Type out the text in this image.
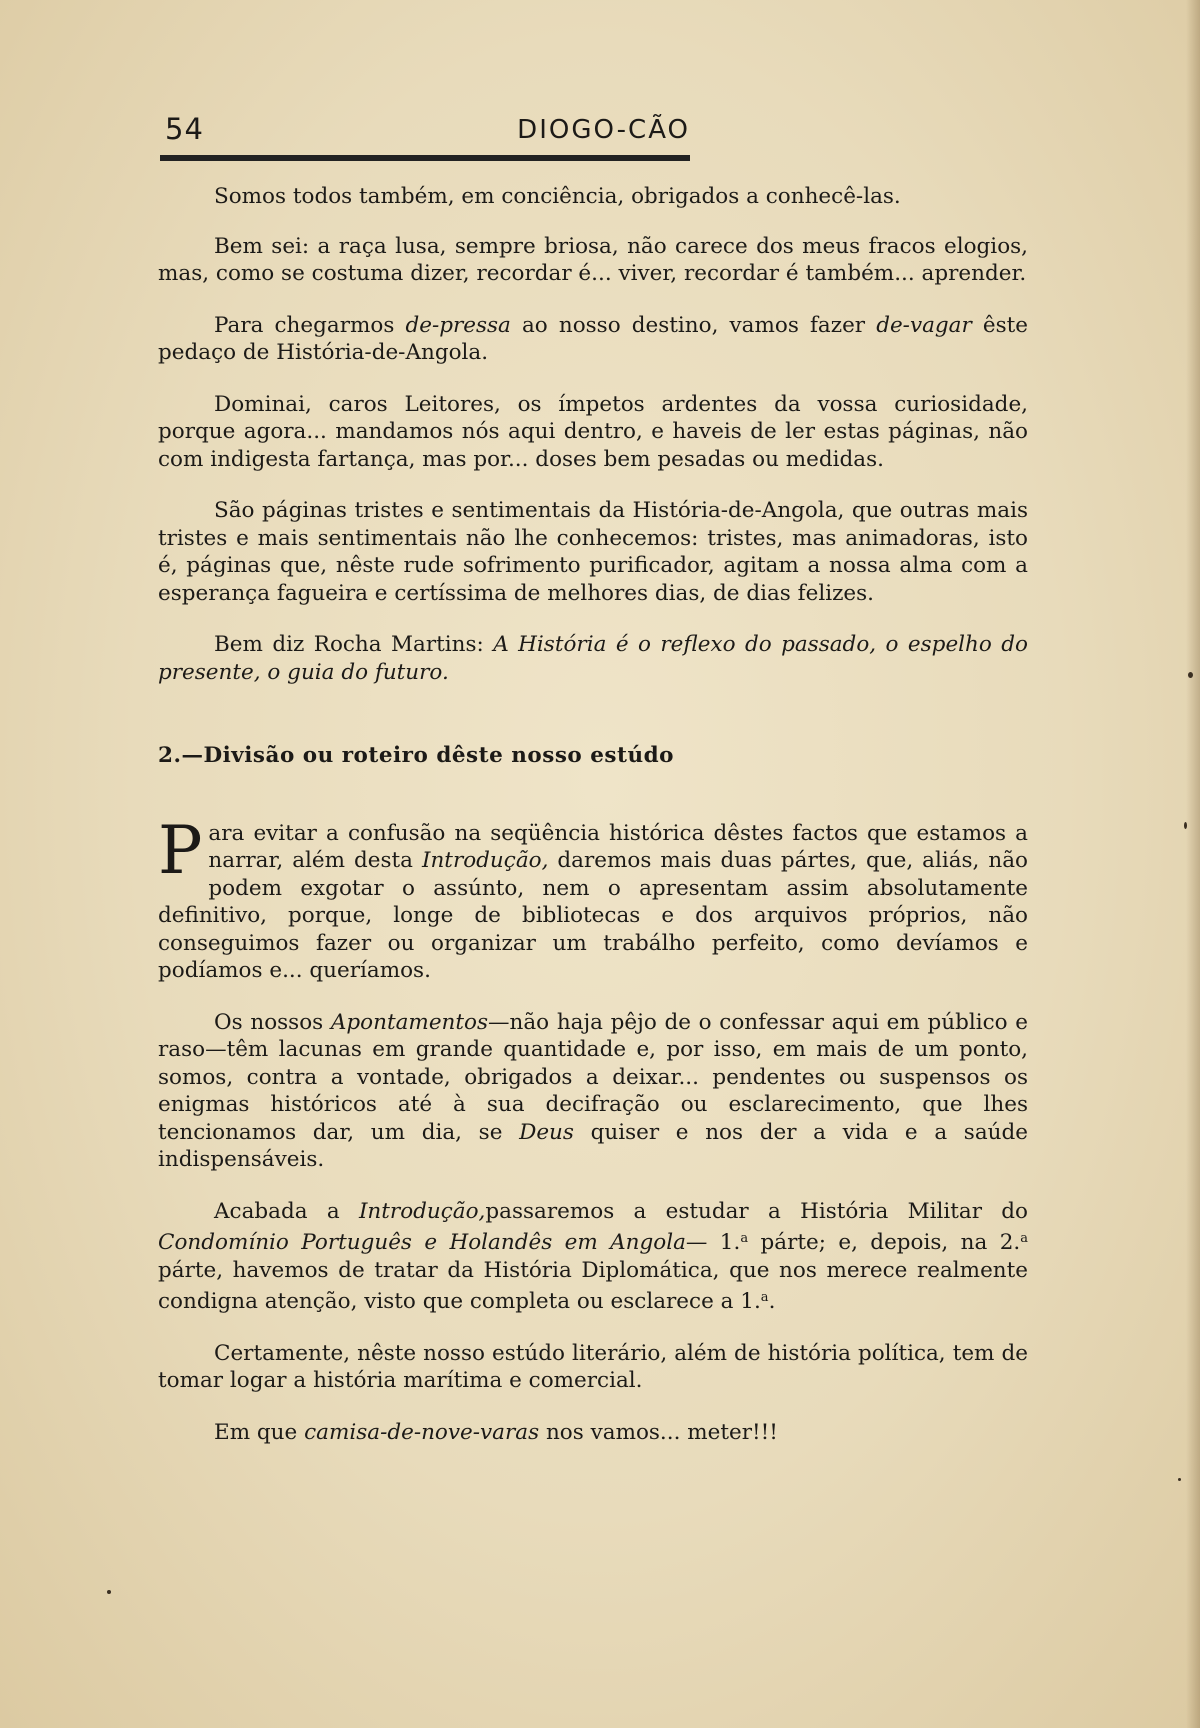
54	DIOGO-CÃO

Somos todos também, em conciência, obrigados a conhecê-las.

Bem sei: a raça lusa, sempre briosa, não carece dos meus fracos elogios, mas, como se costuma dizer, recordar é... viver, recordar é também... aprender.

Para chegarmos de-pressa ao nosso destino, vamos fazer de-vagar êste pedaço de História-de-Angola.

Dominai, caros Leitores, os ímpetos ardentes da vossa curiosidade, porque agora... mandamos nós aqui dentro, e haveis de ler estas páginas, não com indigesta fartança, mas por... doses bem pesadas ou medidas.

São páginas tristes e sentimentais da História-de-Angola, que outras mais tristes e mais sentimentais não lhe conhecemos: tristes, mas animadoras, isto é, páginas que, nêste rude sofrimento purificador, agitam a nossa alma com a esperança fagueira e certíssima de melhores dias, de dias felizes.

Bem diz Rocha Martins: A História é o reflexo do passado, o espelho do presente, o guia do futuro.

2.—Divisão ou roteiro dêste nosso estúdo

Para evitar a confusão na seqüência histórica dêstes factos que estamos a narrar, além desta Introdução, daremos mais duas pártes, que, aliás, não podem exgotar o assúnto, nem o apresentam assim absolutamente definitivo, porque, longe de bibliotecas e dos arquivos próprios, não conseguimos fazer ou organizar um trabálho perfeito, como devíamos e podíamos e... queríamos.

Os nossos Apontamentos—não haja pêjo de o confessar aqui em público e raso—têm lacunas em grande quantidade e, por isso, em mais de um ponto, somos, contra a vontade, obrigados a deixar... pendentes ou suspensos os enigmas históricos até à sua decifração ou esclarecimento, que lhes tencionamos dar, um dia, se Deus quiser e nos der a vida e a saúde indispensáveis.

Acabada a Introdução,passaremos a estudar a História Militar do Condomínio Português e Holandês em Angola— 1.$^a$ párte; e, depois, na 2.$^a$ párte, havemos de tratar da História Diplomática, que nos merece realmente condigna atenção, visto que completa ou esclarece a 1.$^a$.

Certamente, nêste nosso estúdo literário, além de história política, tem de tomar logar a história marítima e comercial.

Em que camisa-de-nove-varas nos vamos... meter!!!
